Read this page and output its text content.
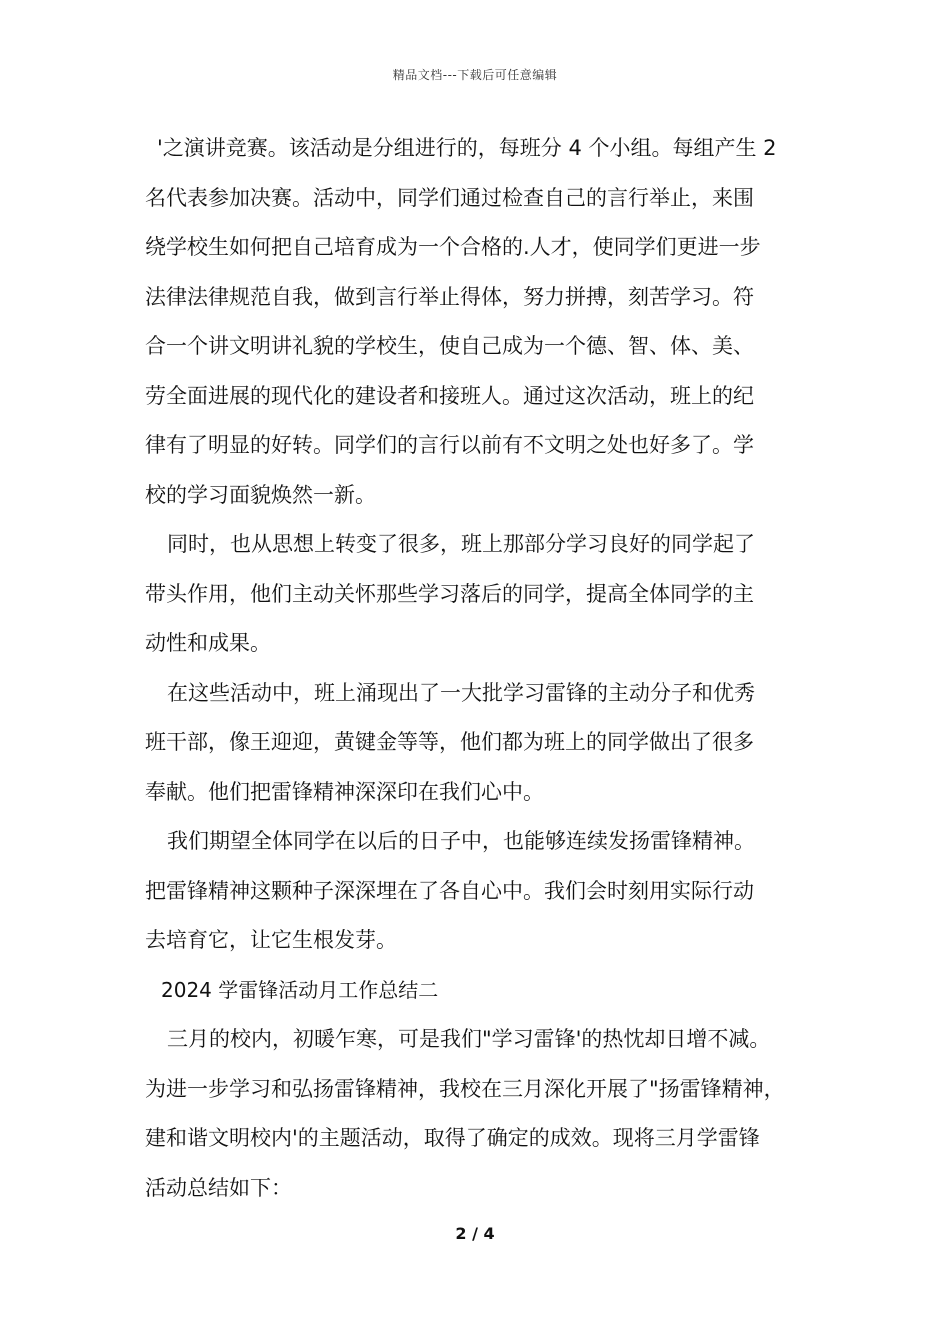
精品文档---下载后可任意编辑
'之演讲竞赛。该活动是分组进行的，每班分 4 个小组。每组产生 2
名代表参加决赛。活动中，同学们通过检查自己的言行举止，来围
绕学校生如何把自己培育成为一个合格的.人才，使同学们更进一步
法律法律规范自我，做到言行举止得体，努力拼搏，刻苦学习。符
合一个讲文明讲礼貌的学校生，使自己成为一个德、智、体、美、
劳全面进展的现代化的建设者和接班人。通过这次活动，班上的纪
律有了明显的好转。同学们的言行以前有不文明之处也好多了。学
校的学习面貌焕然一新。
同时，也从思想上转变了很多，班上那部分学习良好的同学起了
带头作用，他们主动关怀那些学习落后的同学，提高全体同学的主
动性和成果。
在这些活动中，班上涌现出了一大批学习雷锋的主动分子和优秀
班干部，像王迎迎，黄键金等等，他们都为班上的同学做出了很多
奉献。他们把雷锋精神深深印在我们心中。
我们期望全体同学在以后的日子中，也能够连续发扬雷锋精神。
把雷锋精神这颗种子深深埋在了各自心中。我们会时刻用实际行动
去培育它，让它生根发芽。
2024 学雷锋活动月工作总结二
三月的校内，初暖乍寒，可是我们"学习雷锋'的热忱却日增不减。
为进一步学习和弘扬雷锋精神，我校在三月深化开展了"扬雷锋精神，
建和谐文明校内'的主题活动，取得了确定的成效。现将三月学雷锋
活动总结如下：
2 / 4
